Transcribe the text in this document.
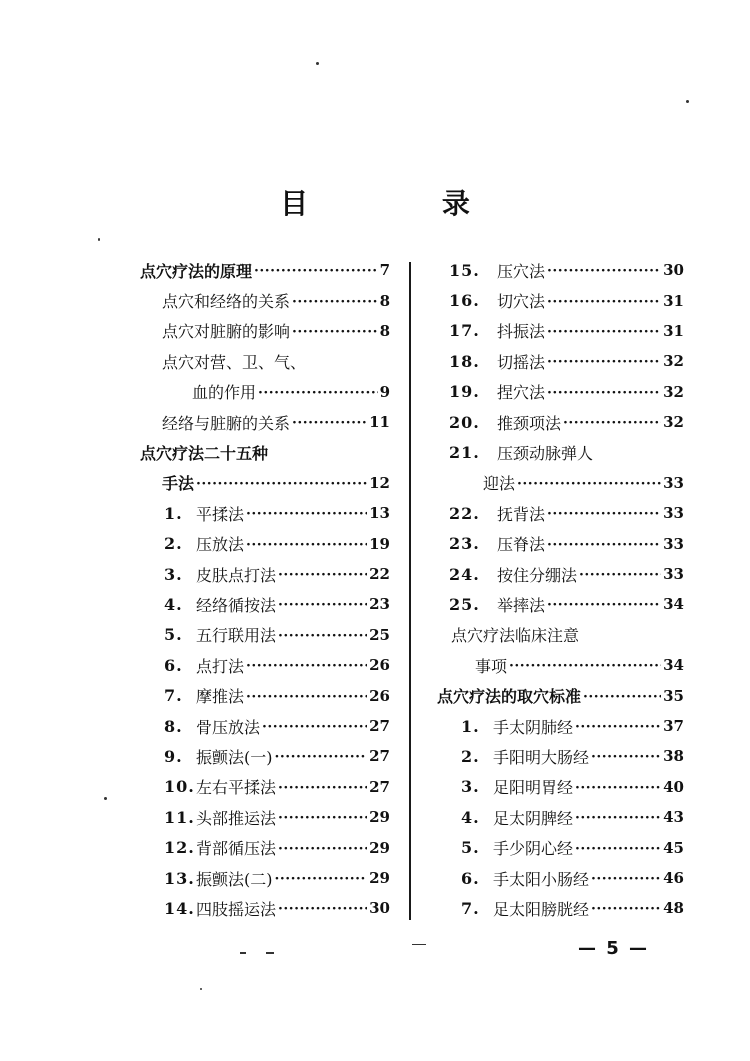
目 录
点穴疗法的原理 ·····	7
点穴和经络的关系 ·····	8
点穴对脏腑的影响 ·····	8
点穴对营、卫、气、
血的作用 ·····	9
经络与脏腑的关系 ·····	11
点穴疗法二十五种
手法 ·····	12
1. 平揉法 ·····	13
2. 压放法 ·····	19
3. 皮肤点打法 ·····	22
4. 经络循按法 ·····	23
5. 五行联用法 ·····	25
6. 点打法 ·····	26
7. 摩推法 ·····	26
8. 骨压放法 ·····	27
9. 振颤法(一) ·····	27
10. 左右平揉法 ·····	27
11. 头部推运法 ·····	29
12. 背部循压法 ·····	29
13. 振颤法(二) ·····	29
14. 四肢摇运法 ·····	30
15.	压穴法 ·····	30
16.	切穴法 ·····	31
17.	抖振法 ·····	31
18.	切摇法 ·····	32
19.	捏穴法 ·····	32
20.	推颈项法 ·····	32
21.	压颈动脉弹人
迎法 ·····	33
22.	抚背法 ·····	33
23.	压脊法 ·····	33
24.	按住分绷法 ·····	33
25.	举摔法 ·····	34
点穴疗法临床注意
事项 ·····	34
点穴疗法的取穴标准 ·····	35
1. 手太阴肺经 ·····	37
2. 手阳明大肠经 ·····	38
3. 足阳明胃经 ·····	40
4. 足太阴脾经 ·····	43
5. 手少阴心经 ·····	45
6. 手太阳小肠经 ·····	46
7. 足太阳膀胱经 ·····	48
— 5 —
